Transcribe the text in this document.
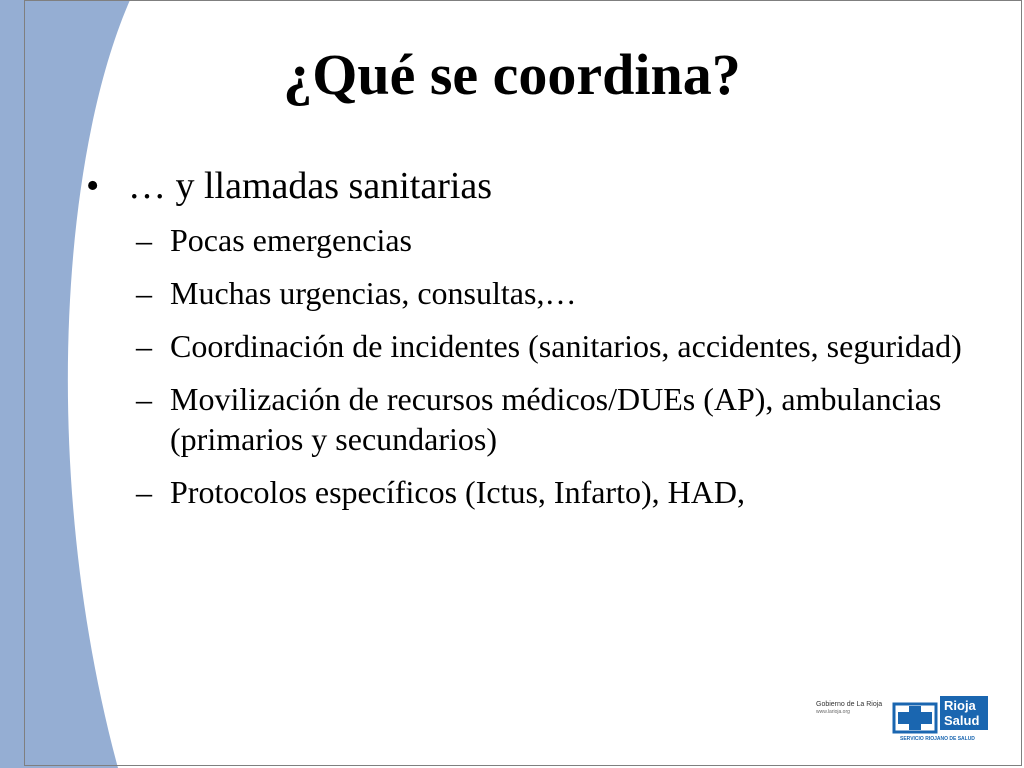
¿Qué se coordina?
• … y llamadas sanitarias
– Pocas emergencias
– Muchas urgencias, consultas,…
– Coordinación de incidentes (sanitarios, accidentes, seguridad)
– Movilización de recursos médicos/DUEs (AP), ambulancias (primarios y secundarios)
– Protocolos específicos (Ictus, Infarto), HAD,
Gobierno de La Rioja
www.larioja.org	Rioja
Salud
SERVICIO RIOJANO DE SALUD
